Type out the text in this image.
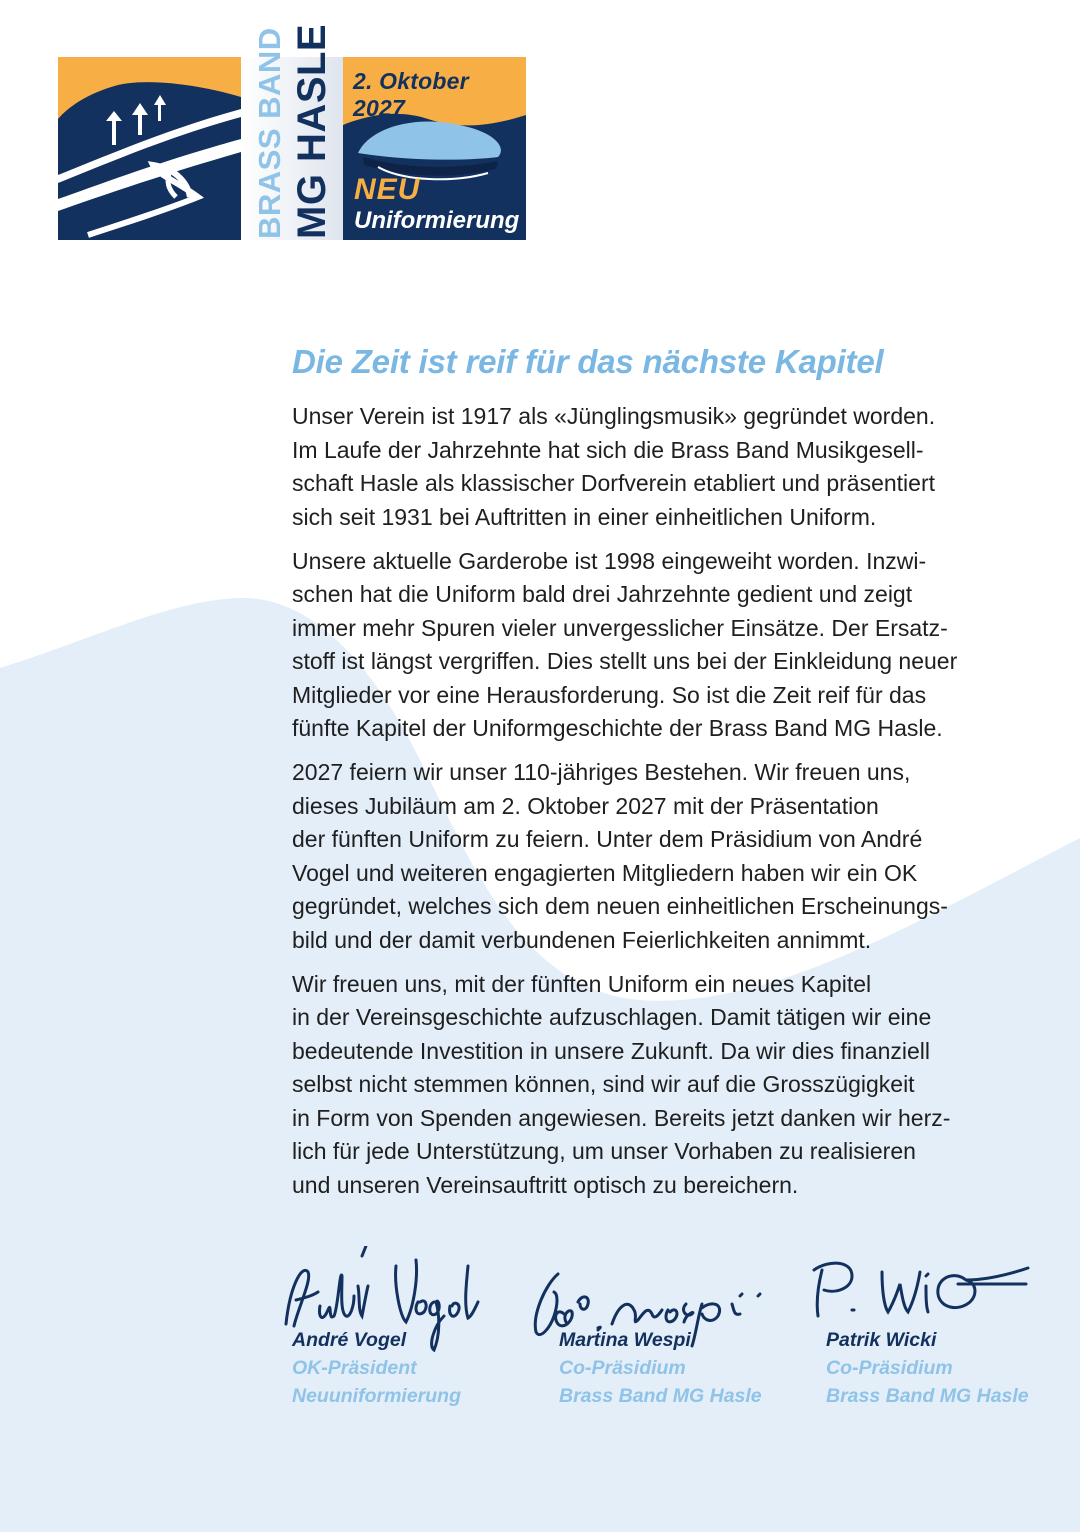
BRASS BAND MG HASLE 2. Oktober 2027
NEU
Uniformierung
Die Zeit ist reif für das nächste Kapitel

Unser Verein ist 1917 als «Jünglingsmusik» gegründet worden.
Im Laufe der Jahrzehnte hat sich die Brass Band Musikgesell-
schaft Hasle als klassischer Dorfverein etabliert und präsentiert
sich seit 1931 bei Auftritten in einer einheitlichen Uniform.

Unsere aktuelle Garderobe ist 1998 eingeweiht worden. Inzwi-
schen hat die Uniform bald drei Jahrzehnte gedient und zeigt
immer mehr Spuren vieler unvergesslicher Einsätze. Der Ersatz-
stoff ist längst vergriffen. Dies stellt uns bei der Einkleidung neuer
Mitglieder vor eine Herausforderung. So ist die Zeit reif für das
fünfte Kapitel der Uniformgeschichte der Brass Band MG Hasle.

2027 feiern wir unser 110-jähriges Bestehen. Wir freuen uns,
dieses Jubiläum am 2. Oktober 2027 mit der Präsentation
der fünften Uniform zu feiern. Unter dem Präsidium von André
Vogel und weiteren engagierten Mitgliedern haben wir ein OK
gegründet, welches sich dem neuen einheitlichen Erscheinungs-
bild und der damit verbundenen Feierlichkeiten annimmt.

Wir freuen uns, mit der fünften Uniform ein neues Kapitel
in der Vereinsgeschichte aufzuschlagen. Damit tätigen wir eine
bedeutende Investition in unsere Zukunft. Da wir dies finanziell
selbst nicht stemmen können, sind wir auf die Grosszügigkeit
in Form von Spenden angewiesen. Bereits jetzt danken wir herz-
lich für jede Unterstützung, um unser Vorhaben zu realisieren
und unseren Vereinsauftritt optisch zu bereichern.

André Vogel
OK-Präsident
Neuuniformierung
Martina Wespi
Co-Präsidium
Brass Band MG Hasle
Patrik Wicki
Co-Präsidium
Brass Band MG Hasle
